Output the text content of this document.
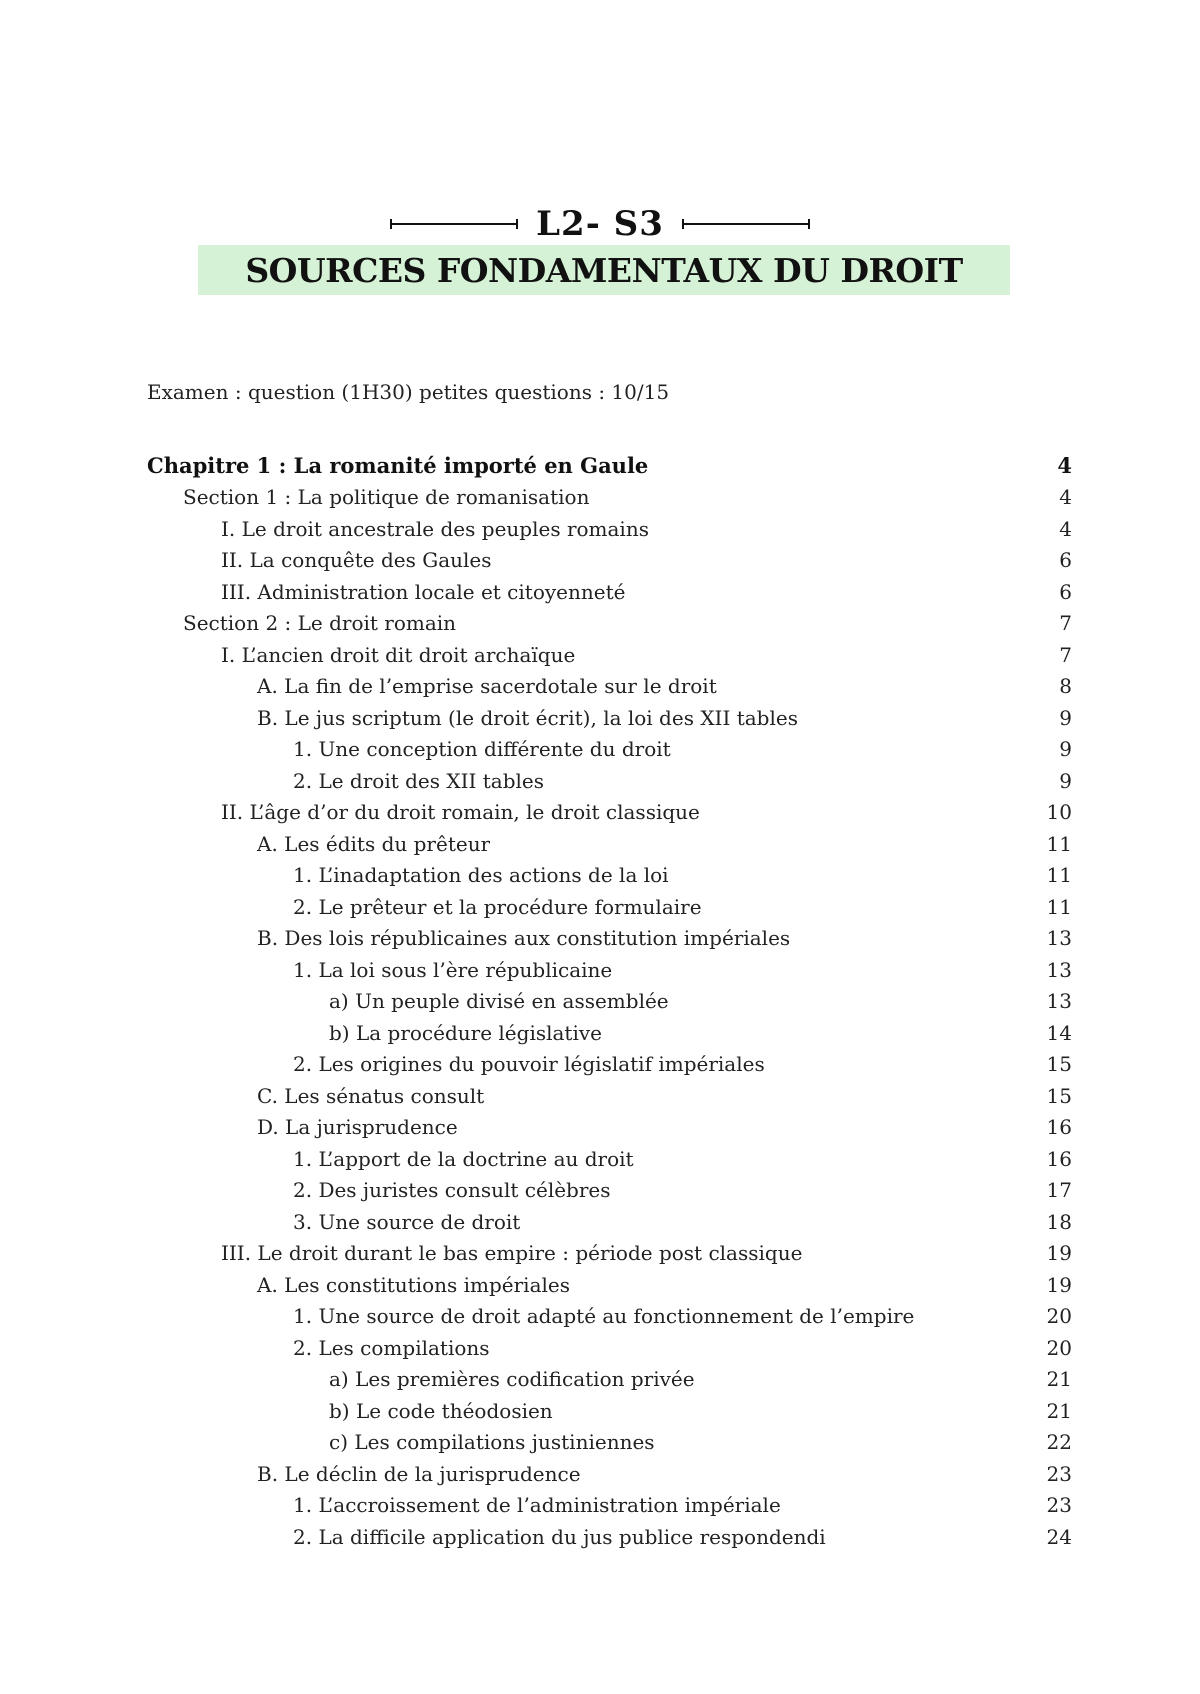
L2- S3
SOURCES FONDAMENTAUX DU DROIT
Examen : question (1H30) petites questions : 10/15
Chapitre 1 : La romanité importé en Gaule	4
Section 1 : La politique de romanisation	4
I. Le droit ancestrale des peuples romains	4
II. La conquête des Gaules	6
III. Administration locale et citoyenneté	6
Section 2 : Le droit romain	7
I. L’ancien droit dit droit archaïque	7
A. La fin de l’emprise sacerdotale sur le droit	8
B. Le jus scriptum (le droit écrit), la loi des XII tables	9
1. Une conception différente du droit	9
2. Le droit des XII tables	9
II. L’âge d’or du droit romain, le droit classique	10
A. Les édits du prêteur	11
1. L’inadaptation des actions de la loi	11
2. Le prêteur et la procédure formulaire	11
B. Des lois républicaines aux constitution impériales	13
1. La loi sous l’ère républicaine	13
a) Un peuple divisé en assemblée	13
b) La procédure législative	14
2. Les origines du pouvoir législatif impériales	15
C. Les sénatus consult	15
D. La jurisprudence	16
1. L’apport de la doctrine au droit	16
2. Des juristes consult célèbres	17
3. Une source de droit	18
III. Le droit durant le bas empire : période post classique	19
A. Les constitutions impériales	19
1. Une source de droit adapté au fonctionnement de l’empire	20
2. Les compilations	20
a) Les premières codification privée	21
b) Le code théodosien	21
c) Les compilations justiniennes	22
B. Le déclin de la jurisprudence	23
1. L’accroissement de l’administration impériale	23
2. La difficile application du jus publice respondendi	24
